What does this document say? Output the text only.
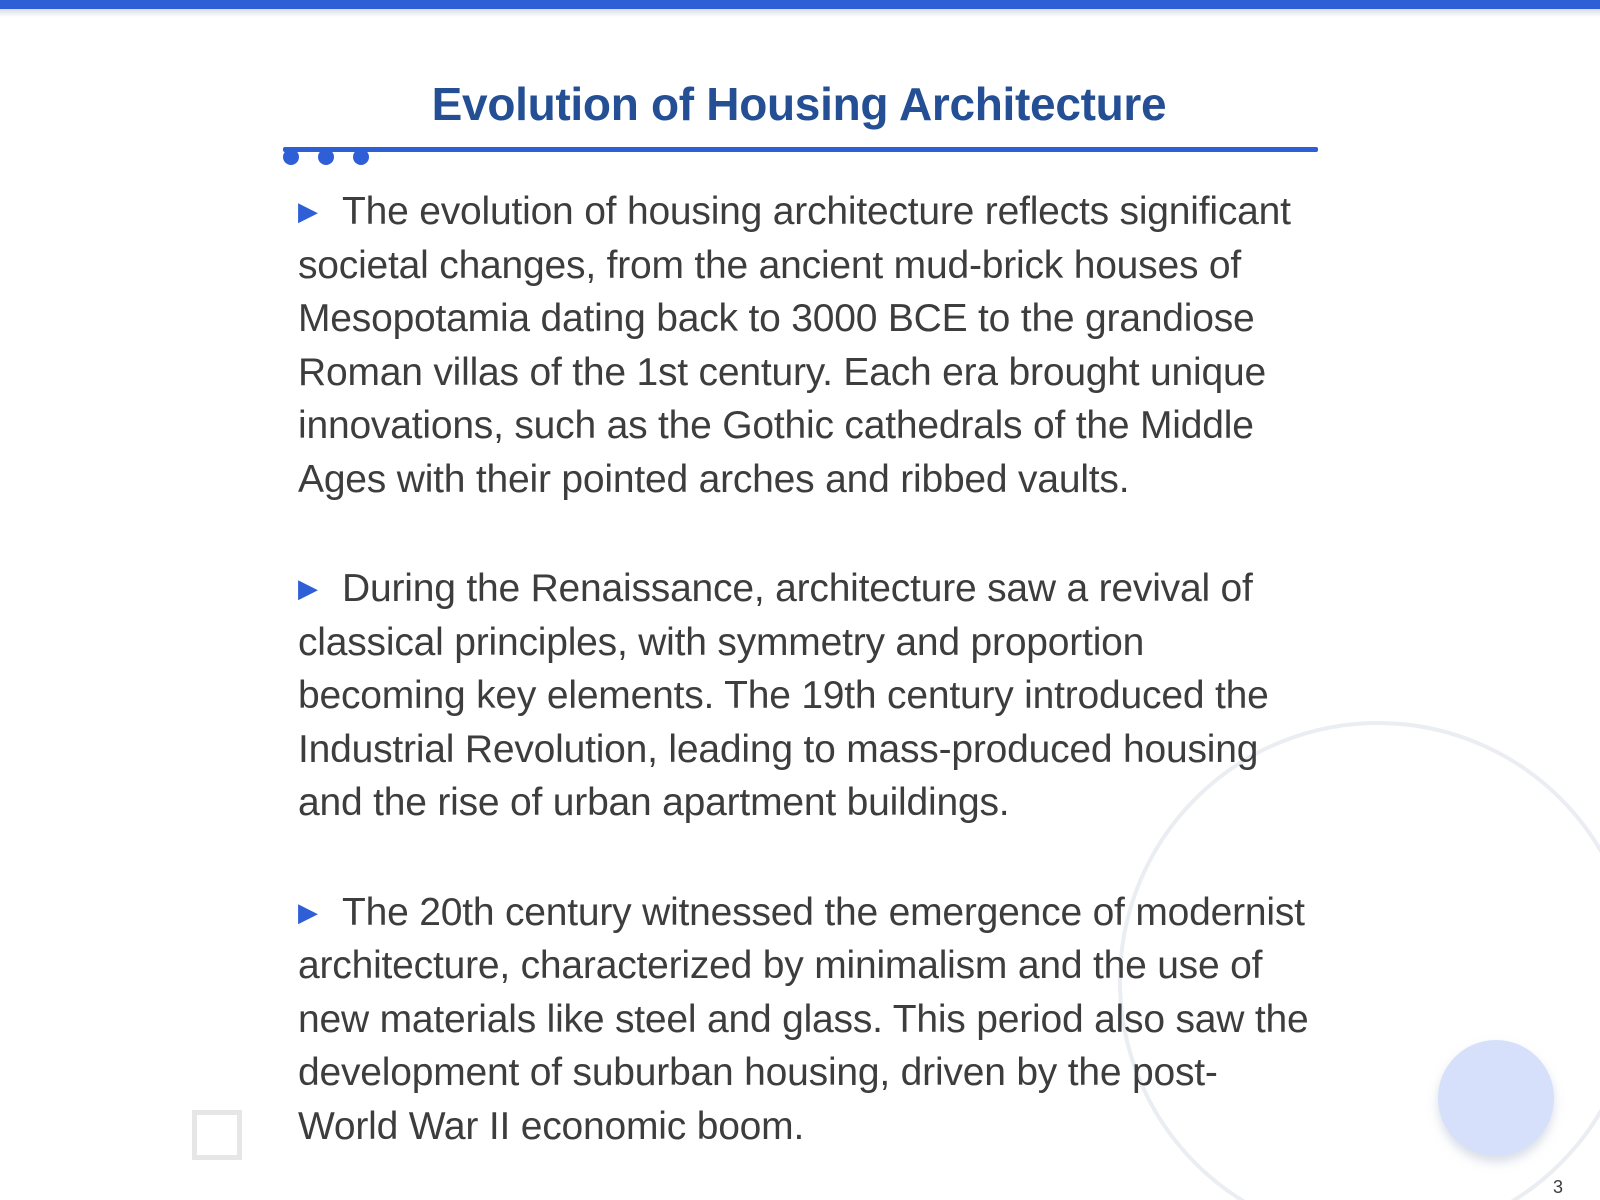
Evolution of Housing Architecture

▶ The evolution of housing architecture reflects significant societal changes, from the ancient mud-brick houses of Mesopotamia dating back to 3000 BCE to the grandiose Roman villas of the 1st century. Each era brought unique innovations, such as the Gothic cathedrals of the Middle Ages with their pointed arches and ribbed vaults.

▶ During the Renaissance, architecture saw a revival of classical principles, with symmetry and proportion becoming key elements. The 19th century introduced the Industrial Revolution, leading to mass-produced housing and the rise of urban apartment buildings.

▶ The 20th century witnessed the emergence of modernist architecture, characterized by minimalism and the use of new materials like steel and glass. This period also saw the development of suburban housing, driven by the post-World War II economic boom.

3
